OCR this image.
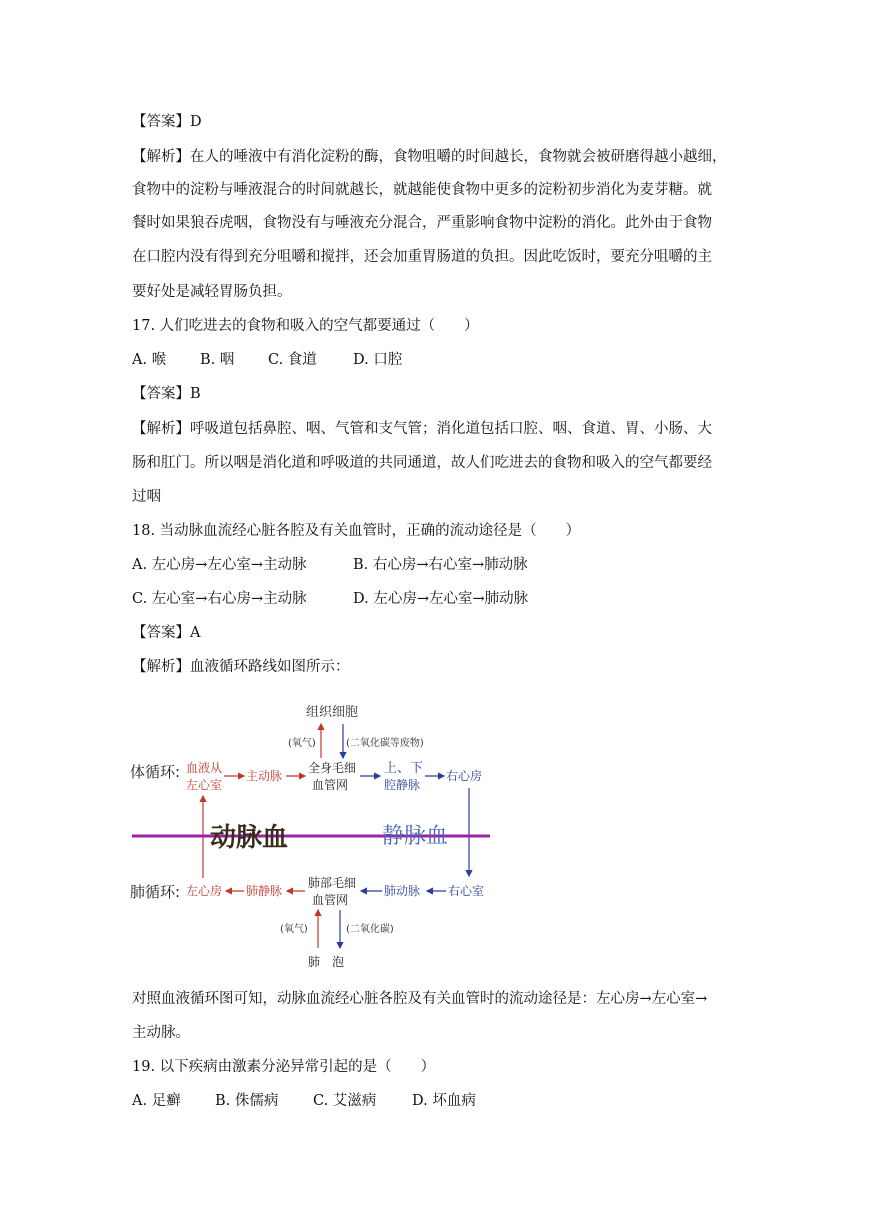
【答案】D
【解析】在人的唾液中有消化淀粉的酶，食物咀嚼的时间越长，食物就会被研磨得越小越细，
食物中的淀粉与唾液混合的时间就越长，就越能使食物中更多的淀粉初步消化为麦芽糖。就
餐时如果狼吞虎咽，食物没有与唾液充分混合，严重影响食物中淀粉的消化。此外由于食物
在口腔内没有得到充分咀嚼和搅拌，还会加重胃肠道的负担。因此吃饭时，要充分咀嚼的主
要好处是减轻胃肠负担。
17. 人们吃进去的食物和吸入的空气都要通过（　　）
A. 喉 B. 咽 C. 食道 D. 口腔
【答案】B
【解析】呼吸道包括鼻腔、咽、气管和支气管；消化道包括口腔、咽、食道、胃、小肠、大
肠和肛门。所以咽是消化道和呼吸道的共同通道，故人们吃进去的食物和吸入的空气都要经
过咽
18. 当动脉血流经心脏各腔及有关血管时，正确的流动途径是（　　）
A. 左心房→左心室→主动脉	B. 右心房→右心室→肺动脉
C. 左心室→右心房→主动脉	D. 左心房→左心室→肺动脉
【答案】A
【解析】血液循环路线如图所示：
组织细胞
(氧气)	(二氧化碳等废物)
体循环: 血液从
左心室
主动脉
全身毛细
血管网
上、下
腔静脉
右心房
动脉血	静脉血
肺循环: 左心房 肺静脉
肺部毛细
血管网
肺动脉 右心室
(氧气)	(二氧化碳)
肺　泡
对照血液循环图可知，动脉血流经心脏各腔及有关血管时的流动途径是：左心房→左心室→
主动脉。
19. 以下疾病由激素分泌异常引起的是（　　）
A. 足癣 B. 侏儒病 C. 艾滋病 D. 坏血病
